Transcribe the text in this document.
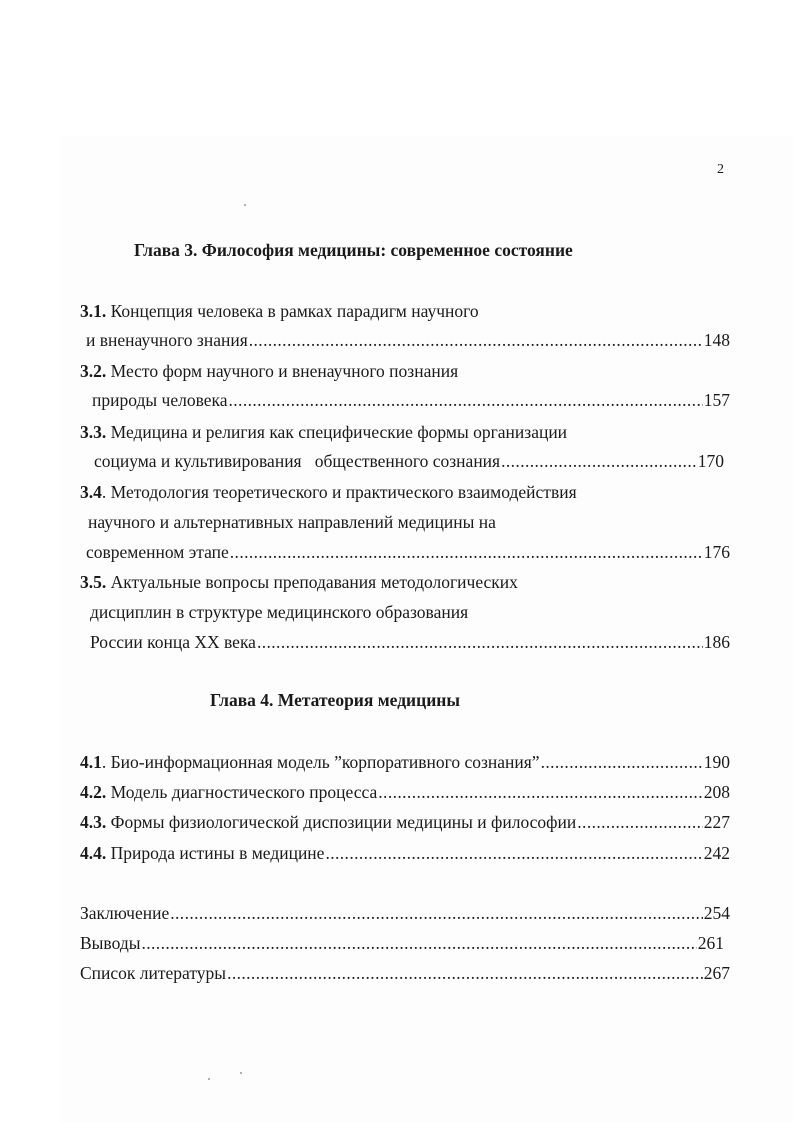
2
Глава 3. Философия медицины: современное состояние
3.1.
Концепция человека в рамках парадигм научного
и вненаучного знания .....	148
3.2.
Место форм научного и вненаучного познания
природы человека .....	157
3.3.
Медицина и религия как специфические формы организации
социума и культивирования   общественного сознания .....	170
3.4 . Методология теоретического и практического взаимодействия
научного и альтернативных направлений медицины на
современном этапе .....	176
3.5.
Актуальные вопросы преподавания методологических
дисциплин в структуре медицинского образования
России конца XX века .....	186
Глава 4. Метатеория медицины
4.1 . Био-информационная модель ”корпоративного сознания” .....	190
4.2.
Модель диагностического процесса .....	208
4.3.
Формы физиологической диспозиции медицины и философии .....	227
4.4.
Природа истины в медицине .....	242
Заключение .....	254
Выводы .....	261
Список литературы .....	267
